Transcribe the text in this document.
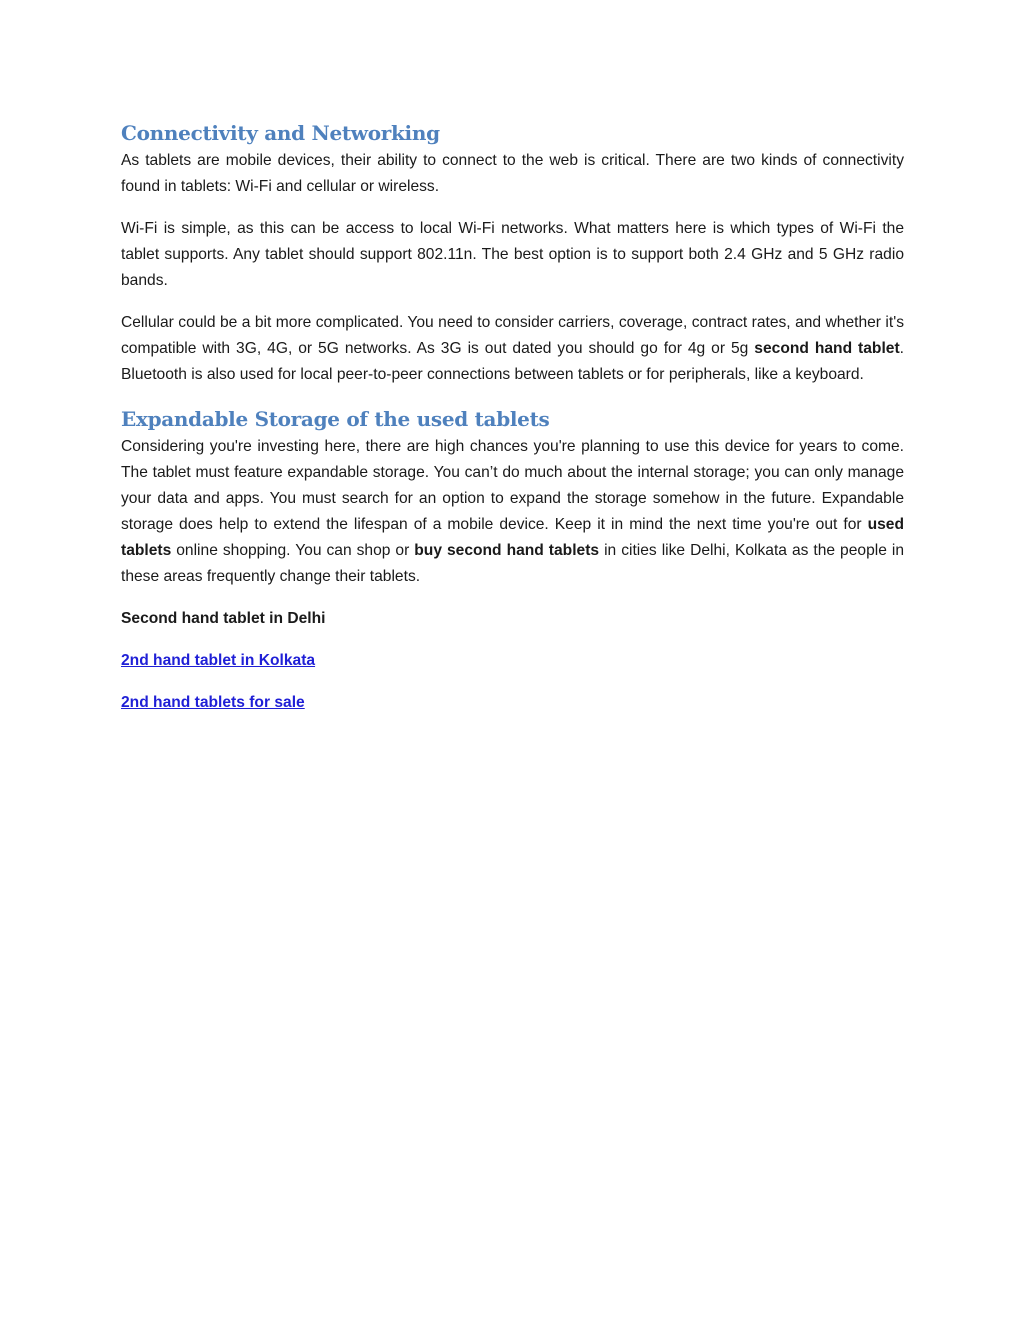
Connectivity and Networking

As tablets are mobile devices, their ability to connect to the web is critical. There are two kinds of connectivity found in tablets: Wi-Fi and cellular or wireless.

Wi-Fi is simple, as this can be access to local Wi-Fi networks. What matters here is which types of Wi-Fi the tablet supports. Any tablet should support 802.11n. The best option is to support both 2.4 GHz and 5 GHz radio bands.

Cellular could be a bit more complicated. You need to consider carriers, coverage, contract rates, and whether it's compatible with 3G, 4G, or 5G networks. As 3G is out dated you should go for 4g or 5g second hand tablet. Bluetooth is also used for local peer-to-peer connections between tablets or for peripherals, like a keyboard.

Expandable Storage of the used tablets

Considering you're investing here, there are high chances you're planning to use this device for years to come. The tablet must feature expandable storage. You can’t do much about the internal storage; you can only manage your data and apps. You must search for an option to expand the storage somehow in the future. Expandable storage does help to extend the lifespan of a mobile device. Keep it in mind the next time you're out for used tablets online shopping. You can shop or buy second hand tablets in cities like Delhi, Kolkata as the people in these areas frequently change their tablets.

Second hand tablet in Delhi
2nd hand tablet in Kolkata
2nd hand tablets for sale
